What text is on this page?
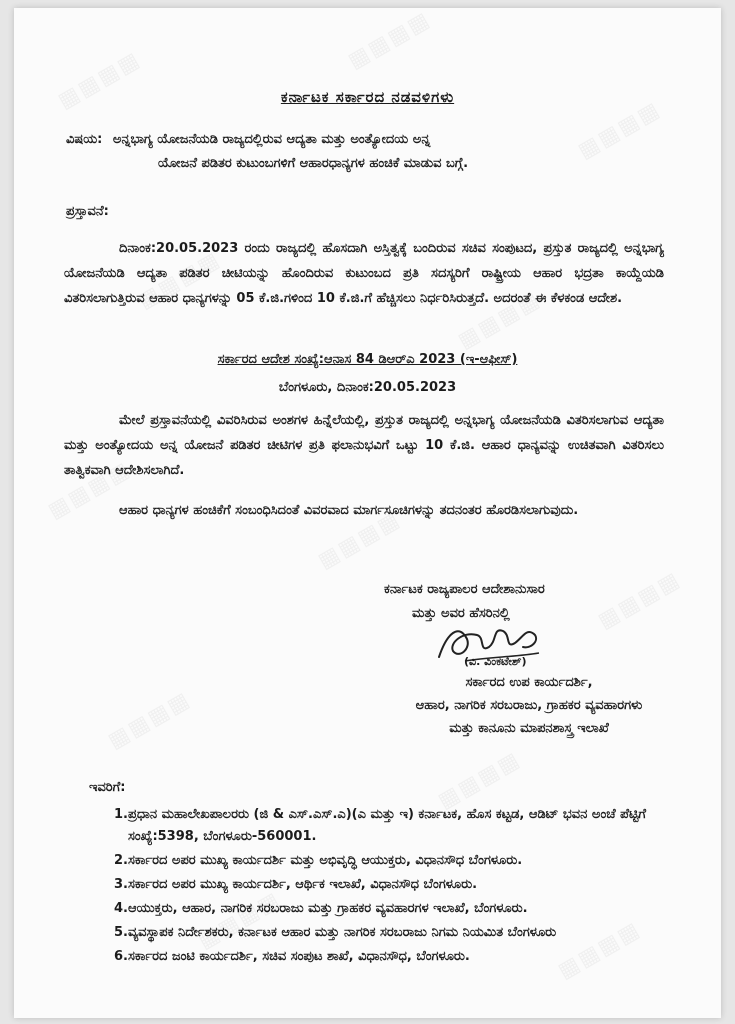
ಕರ್ನಾಟಕ ಸರ್ಕಾರದ ನಡವಳಿಗಳು
ವಿಷಯ: ಅನ್ನಭಾಗ್ಯ ಯೋಜನೆಯಡಿ ರಾಜ್ಯದಲ್ಲಿರುವ ಆದ್ಯತಾ ಮತ್ತು ಅಂತ್ಯೋದಯ ಅನ್ನ
ಯೋಜನೆ ಪಡಿತರ ಕುಟುಂಬಗಳಿಗೆ ಆಹಾರಧಾನ್ಯಗಳ ಹಂಚಿಕೆ ಮಾಡುವ ಬಗ್ಗೆ.
ಪ್ರಸ್ತಾವನೆ:
ದಿನಾಂಕ:20.05.2023 ರಂದು ರಾಜ್ಯದಲ್ಲಿ ಹೊಸದಾಗಿ ಅಸ್ತಿತ್ವಕ್ಕೆ ಬಂದಿರುವ ಸಚಿವ ಸಂಪುಟದ, ಪ್ರಸ್ತುತ ರಾಜ್ಯದಲ್ಲಿ ಅನ್ನಭಾಗ್ಯ ಯೋಜನೆಯಡಿ ಆದ್ಯತಾ ಪಡಿತರ ಚೀಟಿಯನ್ನು ಹೊಂದಿರುವ ಕುಟುಂಬದ ಪ್ರತಿ ಸದಸ್ಯರಿಗೆ ರಾಷ್ಟ್ರೀಯ ಆಹಾರ ಭದ್ರತಾ ಕಾಯ್ದೆಯಡಿ ವಿತರಿಸಲಾಗುತ್ತಿರುವ ಆಹಾರ ಧಾನ್ಯಗಳನ್ನು 05 ಕೆ.ಜಿ.ಗಳಿಂದ 10 ಕೆ.ಜಿ.ಗೆ ಹೆಚ್ಚಿಸಲು ನಿರ್ಧರಿಸಿರುತ್ತದೆ. ಅದರಂತೆ ಈ ಕೆಳಕಂಡ ಆದೇಶ.
ಸರ್ಕಾರದ ಆದೇಶ ಸಂಖ್ಯೆ:ಆನಾಸ 84 ಡಿಆರ್‌ಎ 2023 (ಇ-ಆಫೀಸ್)
ಬೆಂಗಳೂರು, ದಿನಾಂಕ:20.05.2023
ಮೇಲೆ ಪ್ರಸ್ತಾವನೆಯಲ್ಲಿ ವಿವರಿಸಿರುವ ಅಂಶಗಳ ಹಿನ್ನೆಲೆಯಲ್ಲಿ, ಪ್ರಸ್ತುತ ರಾಜ್ಯದಲ್ಲಿ ಅನ್ನಭಾಗ್ಯ ಯೋಜನೆಯಡಿ ವಿತರಿಸಲಾಗುವ ಆದ್ಯತಾ ಮತ್ತು ಅಂತ್ಯೋದಯ ಅನ್ನ ಯೋಜನೆ ಪಡಿತರ ಚೀಟಿಗಳ ಪ್ರತಿ ಫಲಾನುಭವಿಗೆ ಒಟ್ಟು 10 ಕೆ.ಜಿ. ಆಹಾರ ಧಾನ್ಯವನ್ನು ಉಚಿತವಾಗಿ ವಿತರಿಸಲು ತಾತ್ವಿಕವಾಗಿ ಆದೇಶಿಸಲಾಗಿದೆ.
ಆಹಾರ ಧಾನ್ಯಗಳ ಹಂಚಿಕೆಗೆ ಸಂಬಂಧಿಸಿದಂತೆ ವಿವರವಾದ ಮಾರ್ಗಸೂಚಿಗಳನ್ನು ತದನಂತರ ಹೊರಡಿಸಲಾಗುವುದು.
ಕರ್ನಾಟಕ ರಾಜ್ಯಪಾಲರ ಆದೇಶಾನುಸಾರ
ಮತ್ತು ಅವರ ಹೆಸರಿನಲ್ಲಿ
(ವಿ. ವಿಂಕಟೇಶ್)
ಸರ್ಕಾರದ ಉಪ ಕಾರ್ಯದರ್ಶಿ,
ಆಹಾರ, ನಾಗರಿಕ ಸರಬರಾಜು, ಗ್ರಾಹಕರ ವ್ಯವಹಾರಗಳು
ಮತ್ತು ಕಾನೂನು ಮಾಪನಶಾಸ್ತ್ರ ಇಲಾಖೆ
ಇವರಿಗೆ:
1. ಪ್ರಧಾನ ಮಹಾಲೇಖಪಾಲರರು (ಜಿ & ಎಸ್.ಎಸ್.ಎ)(ಎ ಮತ್ತು ಇ) ಕರ್ನಾಟಕ, ಹೊಸ ಕಟ್ಟಡ, ಆಡಿಟ್ ಭವನ ಅಂಚೆ ಪೆಟ್ಟಿಗೆ ಸಂಖ್ಯೆ:5398, ಬೆಂಗಳೂರು-560001.
2. ಸರ್ಕಾರದ ಅಪರ ಮುಖ್ಯ ಕಾರ್ಯದರ್ಶಿ ಮತ್ತು ಅಭಿವೃದ್ಧಿ ಆಯುಕ್ತರು, ವಿಧಾನಸೌಧ ಬೆಂಗಳೂರು.
3. ಸರ್ಕಾರದ ಅಪರ ಮುಖ್ಯ ಕಾರ್ಯದರ್ಶಿ, ಆರ್ಥಿಕ ಇಲಾಖೆ, ವಿಧಾನಸೌಧ ಬೆಂಗಳೂರು.
4. ಆಯುಕ್ತರು, ಆಹಾರ, ನಾಗರಿಕ ಸರಬರಾಜು ಮತ್ತು ಗ್ರಾಹಕರ ವ್ಯವಹಾರಗಳ ಇಲಾಖೆ, ಬೆಂಗಳೂರು.
5. ವ್ಯವಸ್ಥಾಪಕ ನಿರ್ದೇಶಕರು, ಕರ್ನಾಟಕ ಆಹಾರ ಮತ್ತು ನಾಗರಿಕ ಸರಬರಾಜು ನಿಗಮ ನಿಯಮಿತ ಬೆಂಗಳೂರು
6. ಸರ್ಕಾರದ ಜಂಟಿ ಕಾರ್ಯದರ್ಶಿ, ಸಚಿವ ಸಂಪುಟ ಶಾಖೆ, ವಿಧಾನಸೌಧ, ಬೆಂಗಳೂರು.
